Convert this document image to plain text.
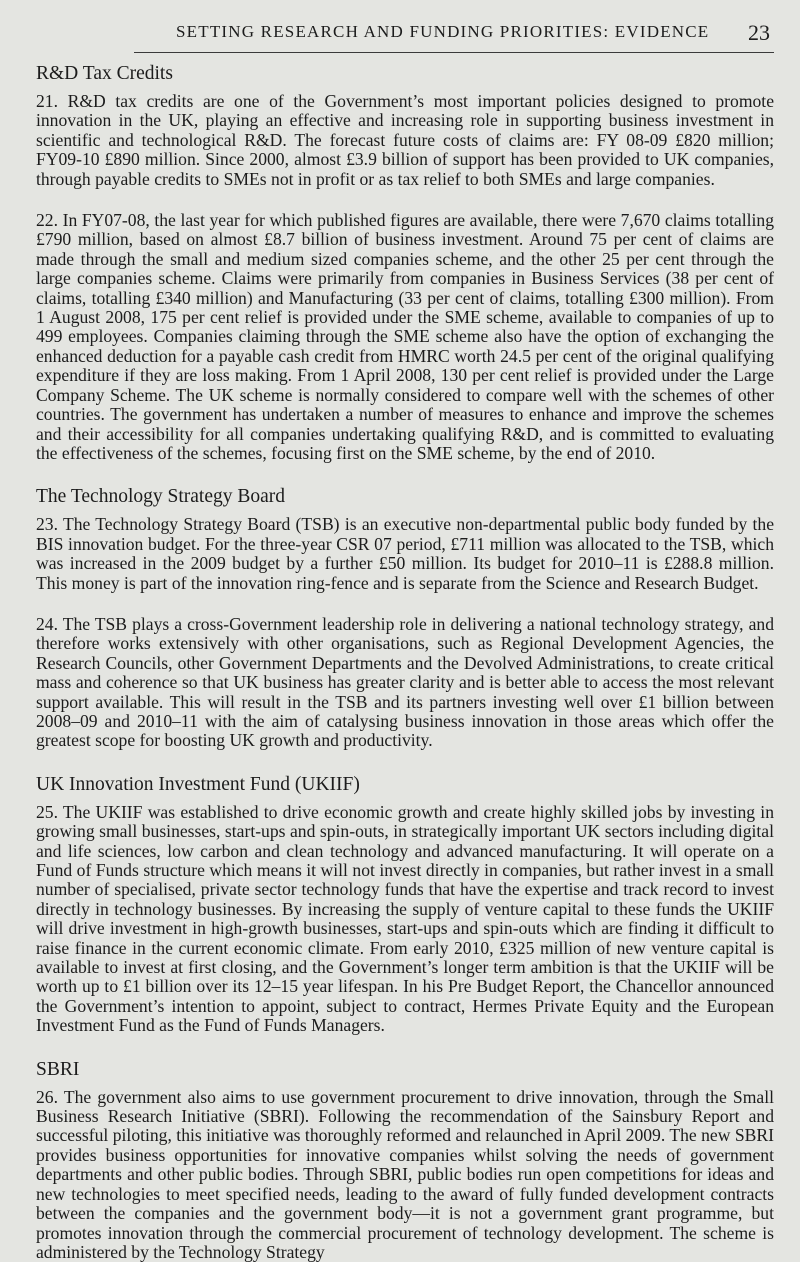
SETTING RESEARCH AND FUNDING PRIORITIES: EVIDENCE	23
R&D Tax Credits

21. R&D tax credits are one of the Government’s most important policies designed to promote innovation in the UK, playing an effective and increasing role in supporting business investment in scientific and technological R&D. The forecast future costs of claims are: FY 08-09 £820 million; FY09-10 £890 million. Since 2000, almost £3.9 billion of support has been provided to UK companies, through payable credits to SMEs not in profit or as tax relief to both SMEs and large companies.

22. In FY07-08, the last year for which published figures are available, there were 7,670 claims totalling £790 million, based on almost £8.7 billion of business investment. Around 75 per cent of claims are made through the small and medium sized companies scheme, and the other 25 per cent through the large companies scheme. Claims were primarily from companies in Business Services (38 per cent of claims, totalling £340 million) and Manufacturing (33 per cent of claims, totalling £300 million). From 1 August 2008, 175 per cent relief is provided under the SME scheme, available to companies of up to 499 employees. Companies claiming through the SME scheme also have the option of exchanging the enhanced deduction for a payable cash credit from HMRC worth 24.5 per cent of the original qualifying expenditure if they are loss making. From 1 April 2008, 130 per cent relief is provided under the Large Company Scheme. The UK scheme is normally considered to compare well with the schemes of other countries. The government has undertaken a number of measures to enhance and improve the schemes and their accessibility for all companies undertaking qualifying R&D, and is committed to evaluating the effectiveness of the schemes, focusing first on the SME scheme, by the end of 2010.

The Technology Strategy Board

23. The Technology Strategy Board (TSB) is an executive non-departmental public body funded by the BIS innovation budget. For the three-year CSR 07 period, £711 million was allocated to the TSB, which was increased in the 2009 budget by a further £50 million. Its budget for 2010–11 is £288.8 million. This money is part of the innovation ring-fence and is separate from the Science and Research Budget.

24. The TSB plays a cross-Government leadership role in delivering a national technology strategy, and therefore works extensively with other organisations, such as Regional Development Agencies, the Research Councils, other Government Departments and the Devolved Administrations, to create critical mass and coherence so that UK business has greater clarity and is better able to access the most relevant support available. This will result in the TSB and its partners investing well over £1 billion between 2008–09 and 2010–11 with the aim of catalysing business innovation in those areas which offer the greatest scope for boosting UK growth and productivity.

UK Innovation Investment Fund (UKIIF)

25. The UKIIF was established to drive economic growth and create highly skilled jobs by investing in growing small businesses, start-ups and spin-outs, in strategically important UK sectors including digital and life sciences, low carbon and clean technology and advanced manufacturing. It will operate on a Fund of Funds structure which means it will not invest directly in companies, but rather invest in a small number of specialised, private sector technology funds that have the expertise and track record to invest directly in technology businesses. By increasing the supply of venture capital to these funds the UKIIF will drive investment in high-growth businesses, start-ups and spin-outs which are finding it difficult to raise finance in the current economic climate. From early 2010, £325 million of new venture capital is available to invest at first closing, and the Government’s longer term ambition is that the UKIIF will be worth up to £1 billion over its 12–15 year lifespan. In his Pre Budget Report, the Chancellor announced the Government’s intention to appoint, subject to contract, Hermes Private Equity and the European Investment Fund as the Fund of Funds Managers.

SBRI

26. The government also aims to use government procurement to drive innovation, through the Small Business Research Initiative (SBRI). Following the recommendation of the Sainsbury Report and successful piloting, this initiative was thoroughly reformed and relaunched in April 2009. The new SBRI provides business opportunities for innovative companies whilst solving the needs of government departments and other public bodies. Through SBRI, public bodies run open competitions for ideas and new technologies to meet specified needs, leading to the award of fully funded development contracts between the companies and the government body—it is not a government grant programme, but promotes innovation through the commercial procurement of technology development. The scheme is administered by the Technology Strategy
